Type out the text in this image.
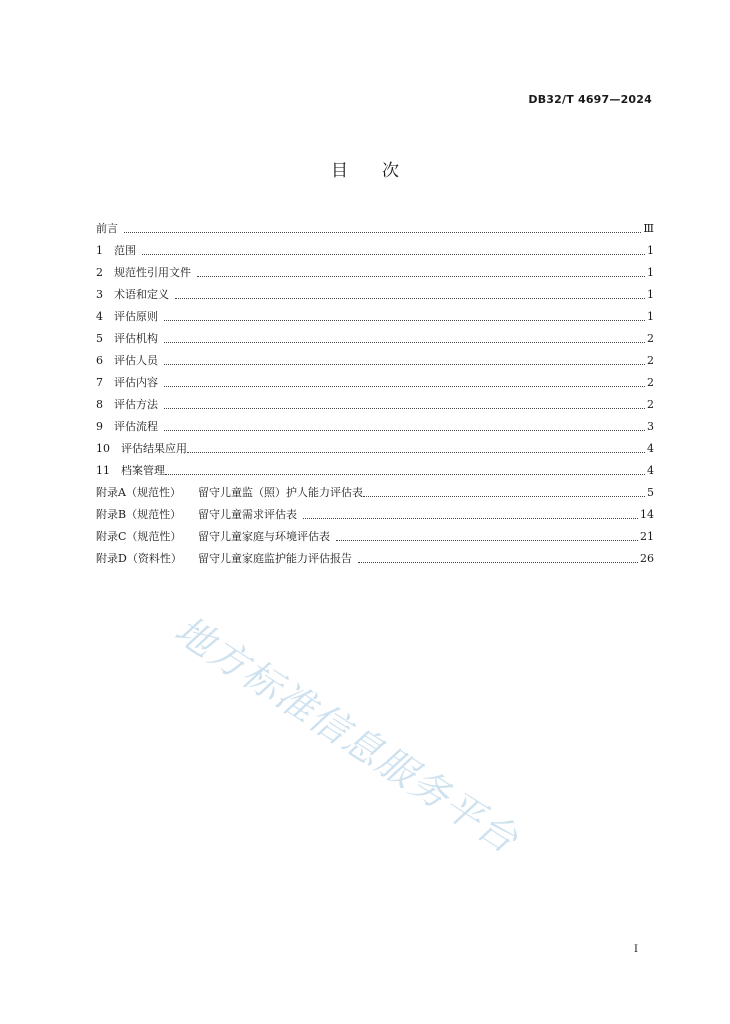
DB32/T 4697—2024
目 次
前言	Ⅲ
1	范围	1
2	规范性引用文件	1
3	术语和定义	1
4	评估原则	1
5	评估机构	2
6	评估人员	2
7	评估内容	2
8	评估方法	2
9	评估流程	3
10	评估结果应用	4
11	档案管理	4
附录A（规范性）	留守儿童监（照）护人能力评估表	5
附录B（规范性）	留守儿童需求评估表	14
附录C（规范性）	留守儿童家庭与环境评估表	21
附录D（资料性）	留守儿童家庭监护能力评估报告	26
地方标准信息服务平台
I
